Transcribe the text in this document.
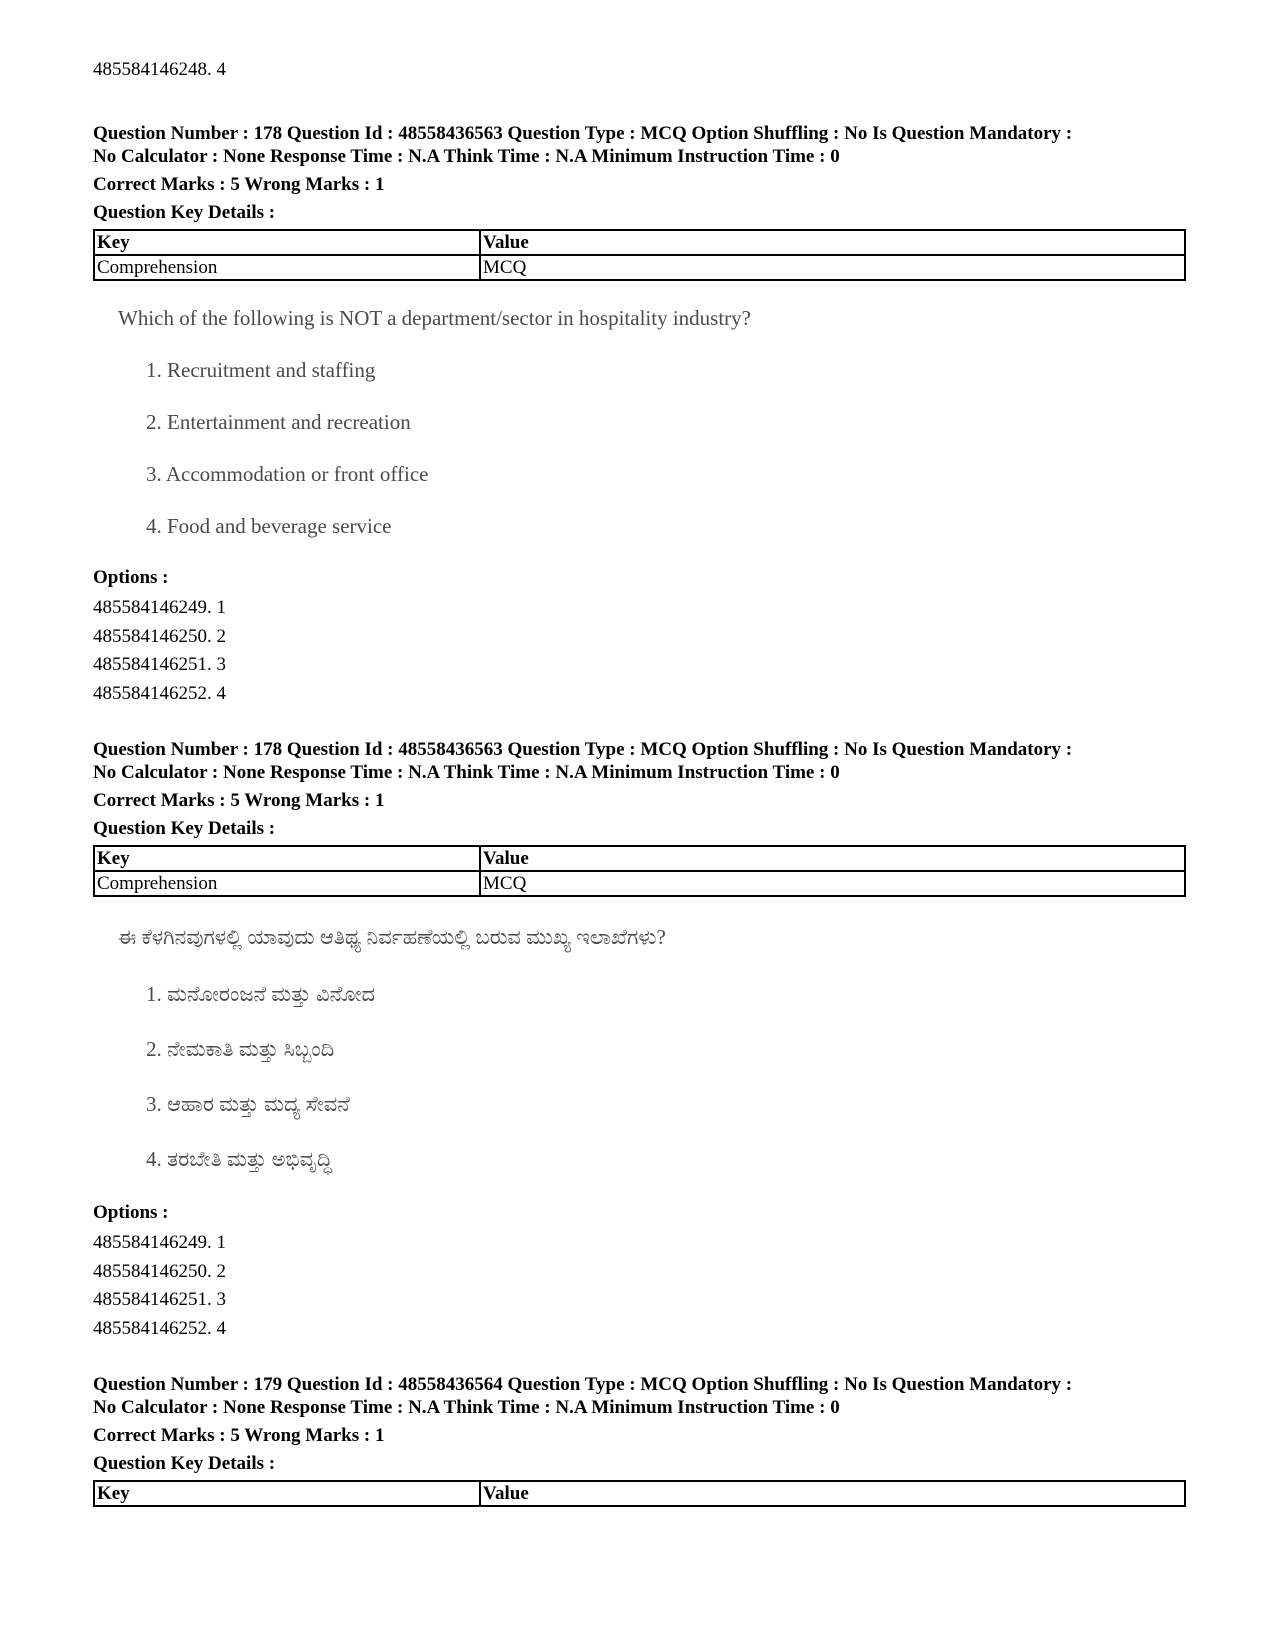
485584146248. 4
Question Number : 178 Question Id : 48558436563 Question Type : MCQ Option Shuffling : No Is Question Mandatory :
No Calculator : None Response Time : N.A Think Time : N.A Minimum Instruction Time : 0
Correct Marks : 5 Wrong Marks : 1
Question Key Details :
Key	Value
Comprehension	MCQ
Which of the following is NOT a department/sector in hospitality industry?
1. Recruitment and staffing
2. Entertainment and recreation
3. Accommodation or front office
4. Food and beverage service
Options :
485584146249. 1
485584146250. 2
485584146251. 3
485584146252. 4
Question Number : 178 Question Id : 48558436563 Question Type : MCQ Option Shuffling : No Is Question Mandatory :
No Calculator : None Response Time : N.A Think Time : N.A Minimum Instruction Time : 0
Correct Marks : 5 Wrong Marks : 1
Question Key Details :
Key	Value
Comprehension	MCQ
ಈ ಕೆಳಗಿನವುಗಳಲ್ಲಿ ಯಾವುದು ಆತಿಥ್ಯ ನಿರ್ವಹಣೆಯಲ್ಲಿ ಬರುವ ಮುಖ್ಯ ಇಲಾಖೆಗಳು?
1. ಮನೋರಂಜನೆ ಮತ್ತು ವಿನೋದ
2. ನೇಮಕಾತಿ ಮತ್ತು ಸಿಬ್ಬಂದಿ
3. ಆಹಾರ ಮತ್ತು ಮದ್ಯ ಸೇವನೆ
4. ತರಬೇತಿ ಮತ್ತು ಅಭಿವೃದ್ಧಿ
Options :
485584146249. 1
485584146250. 2
485584146251. 3
485584146252. 4
Question Number : 179 Question Id : 48558436564 Question Type : MCQ Option Shuffling : No Is Question Mandatory :
No Calculator : None Response Time : N.A Think Time : N.A Minimum Instruction Time : 0
Correct Marks : 5 Wrong Marks : 1
Question Key Details :
Key	Value
